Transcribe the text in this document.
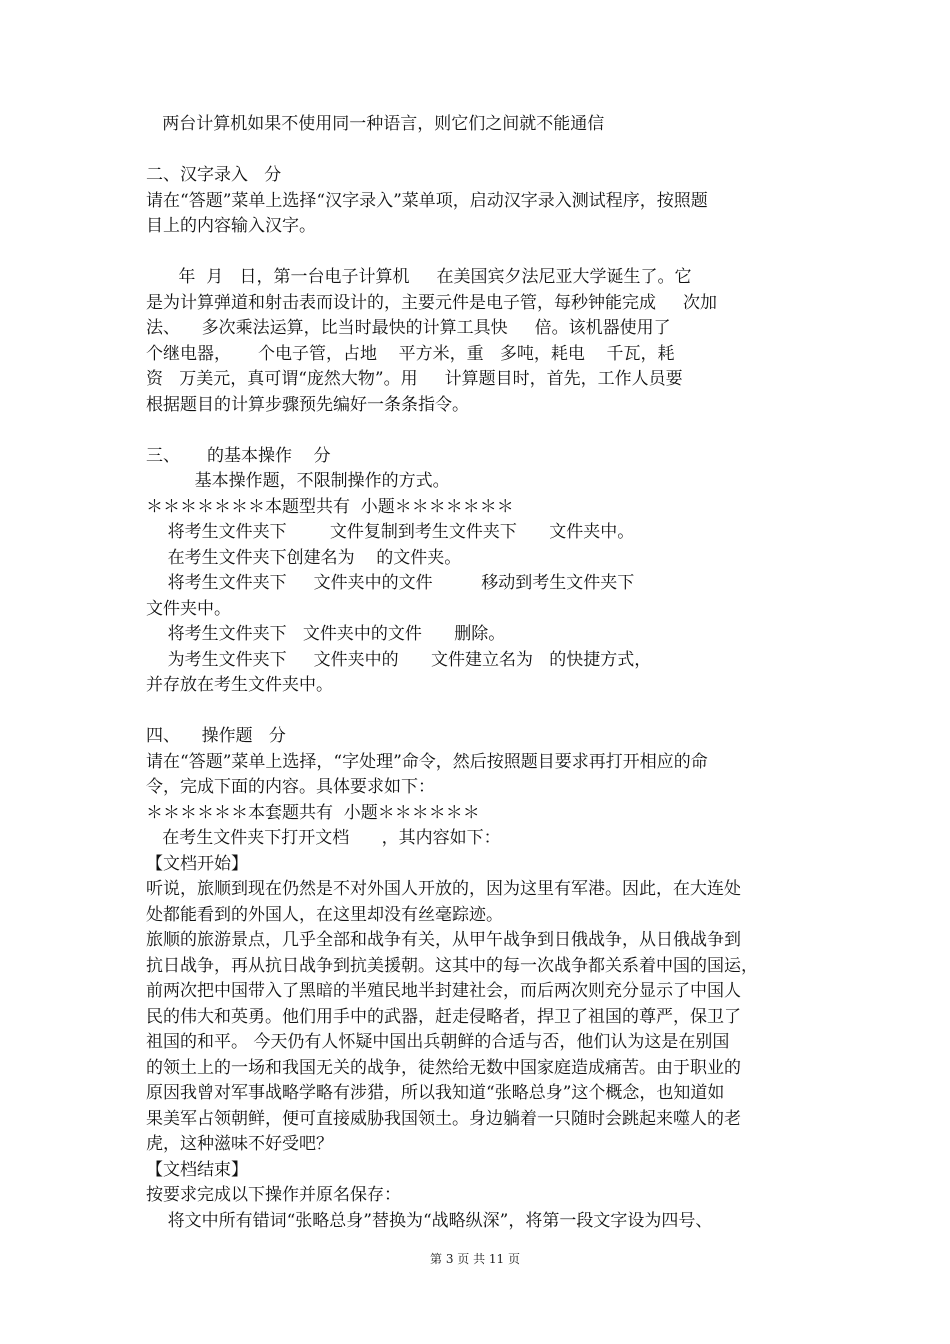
两台计算机如果不使用同一种语言，则它们之间就不能通信

二、汉字录入   分

请在“答题”菜单上选择“汉字录入”菜单项，启动汉字录入测试程序，按照题

目上的内容输入汉字。

年  月   日，第一台电子计算机     在美国宾夕法尼亚大学诞生了。它

是为计算弹道和射击表而设计的，主要元件是电子管，每秒钟能完成     次加

法、    多次乘法运算，比当时最快的计算工具快     倍。该机器使用了

个继电器，     个电子管，占地    平方米，重   多吨，耗电    千瓦，耗

资   万美元，真可谓“庞然大物”。用     计算题目时，首先，工作人员要

根据题目的计算步骤预先编好一条条指令。

三、     的基本操作    分

基本操作题，不限制操作的方式。

＊＊＊＊＊＊＊本题型共有  小题＊＊＊＊＊＊＊

将考生文件夹下        文件复制到考生文件夹下      文件夹中。

在考生文件夹下创建名为    的文件夹。

将考生文件夹下     文件夹中的文件         移动到考生文件夹下

文件夹中。

将考生文件夹下   文件夹中的文件      删除。

为考生文件夹下     文件夹中的      文件建立名为   的快捷方式，

并存放在考生文件夹中。

四、    操作题   分

请在“答题”菜单上选择，“字处理”命令，然后按照题目要求再打开相应的命

令，完成下面的内容。具体要求如下：

＊＊＊＊＊＊本套题共有  小题＊＊＊＊＊＊

在考生文件夹下打开文档      ，其内容如下：

【文档开始】

听说，旅顺到现在仍然是不对外国人开放的，因为这里有军港。因此，在大连处

处都能看到的外国人，在这里却没有丝毫踪迹。

旅顺的旅游景点，几乎全部和战争有关，从甲午战争到日俄战争，从日俄战争到

抗日战争，再从抗日战争到抗美援朝。这其中的每一次战争都关系着中国的国运，

前两次把中国带入了黑暗的半殖民地半封建社会，而后两次则充分显示了中国人

民的伟大和英勇。他们用手中的武器，赶走侵略者，捍卫了祖国的尊严，保卫了

祖国的和平。 今天仍有人怀疑中国出兵朝鲜的合适与否，他们认为这是在别国

的领土上的一场和我国无关的战争，徒然给无数中国家庭造成痛苦。由于职业的

原因我曾对军事战略学略有涉猎，所以我知道“张略总身”这个概念，也知道如

果美军占领朝鲜，便可直接威胁我国领土。身边躺着一只随时会跳起来噬人的老

虎，这种滋味不好受吧？

【文档结束】

按要求完成以下操作并原名保存：

将文中所有错词“张略总身”替换为“战略纵深”，将第一段文字设为四号、

第 3 页 共 11 页
